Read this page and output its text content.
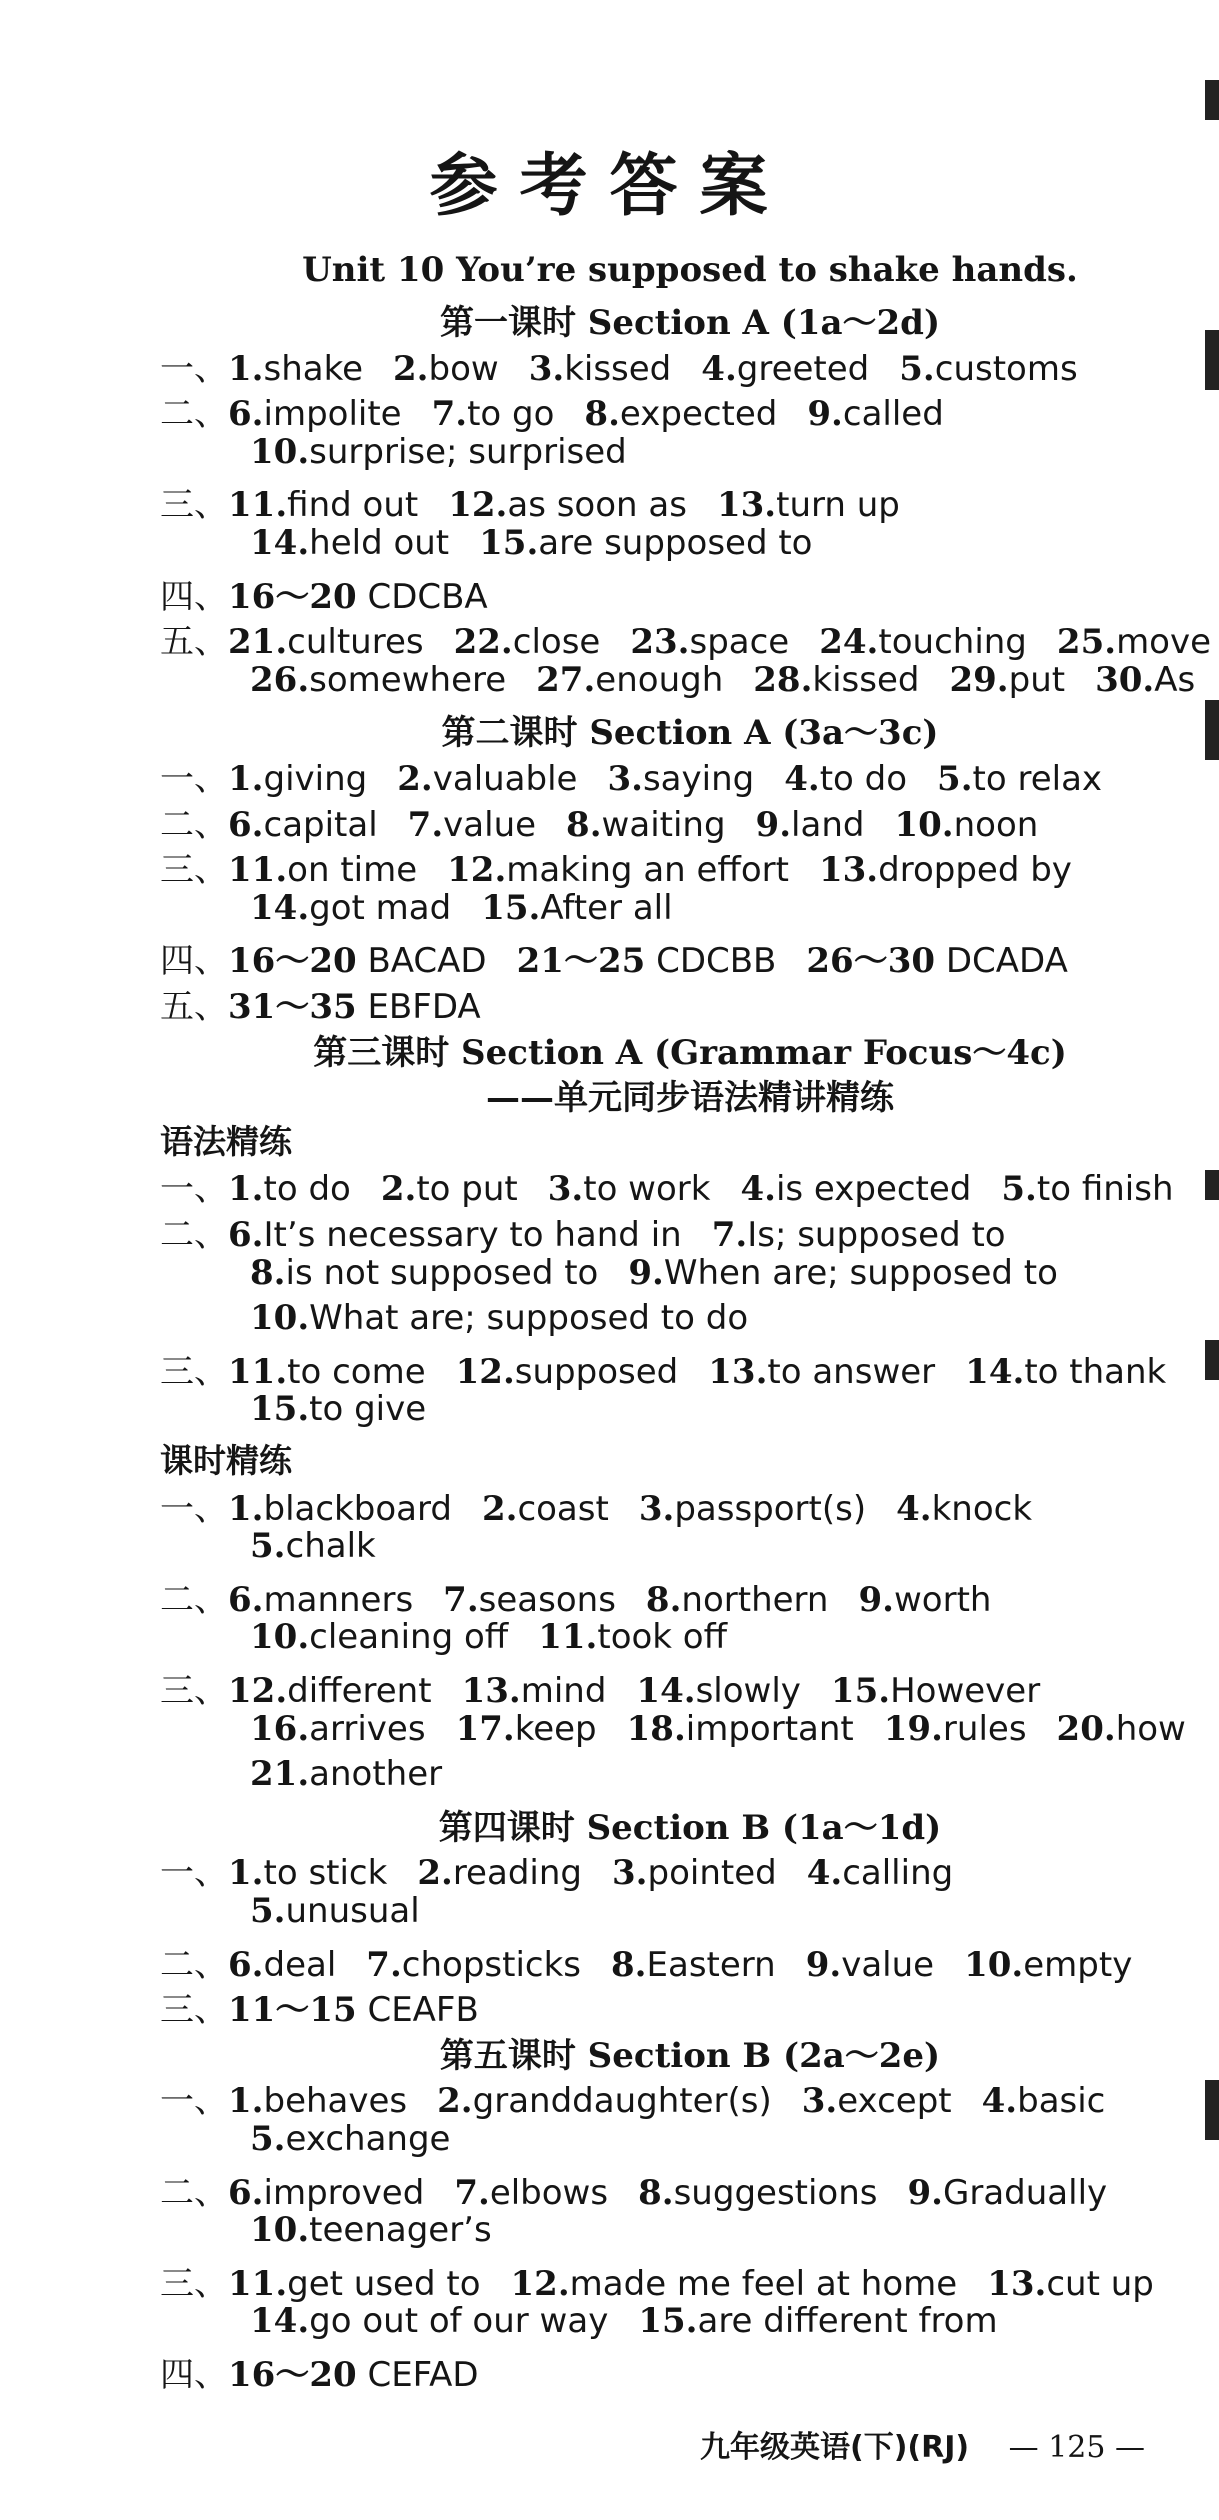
参考答案
Unit 10 You’re supposed to shake hands.
第一课时 Section A (1a～2d)
一、1.shake 2.bow 3.kissed 4.greeted 5.customs
二、6.impolite 7.to go 8.expected 9.called
10.surprise; surprised
三、11.find out 12.as soon as 13.turn up
14.held out 15.are supposed to
四、16～20 CDCBA
五、21.cultures 22.close 23.space 24.touching 25.move
26.somewhere 27.enough 28.kissed 29.put 30.As
第二课时 Section A (3a～3c)
一、1.giving 2.valuable 3.saying 4.to do 5.to relax
二、6.capital 7.value 8.waiting 9.land 10.noon
三、11.on time 12.making an effort 13.dropped by
14.got mad 15.After all
四、16～20 BACAD 21～25 CDCBB 26～30 DCADA
五、31～35 EBFDA
第三课时 Section A (Grammar Focus～4c)
——单元同步语法精讲精练
语法精练
一、1.to do 2.to put 3.to work 4.is expected 5.to finish
二、6.It’s necessary to hand in 7.Is; supposed to
8.is not supposed to 9.When are; supposed to
10.What are; supposed to do
三、11.to come 12.supposed 13.to answer 14.to thank
15.to give
课时精练
一、1.blackboard 2.coast 3.passport(s) 4.knock
5.chalk
二、6.manners 7.seasons 8.northern 9.worth
10.cleaning off 11.took off
三、12.different 13.mind 14.slowly 15.However
16.arrives 17.keep 18.important 19.rules 20.how
21.another
第四课时 Section B (1a～1d)
一、1.to stick 2.reading 3.pointed 4.calling
5.unusual
二、6.deal 7.chopsticks 8.Eastern 9.value 10.empty
三、11～15 CEAFB
第五课时 Section B (2a～2e)
一、1.behaves 2.granddaughter(s) 3.except 4.basic
5.exchange
二、6.improved 7.elbows 8.suggestions 9.Gradually
10.teenager’s
三、11.get used to 12.made me feel at home 13.cut up
14.go out of our way 15.are different from
四、16～20 CEFAD
九年级英语(下)(RJ) — 125 —
